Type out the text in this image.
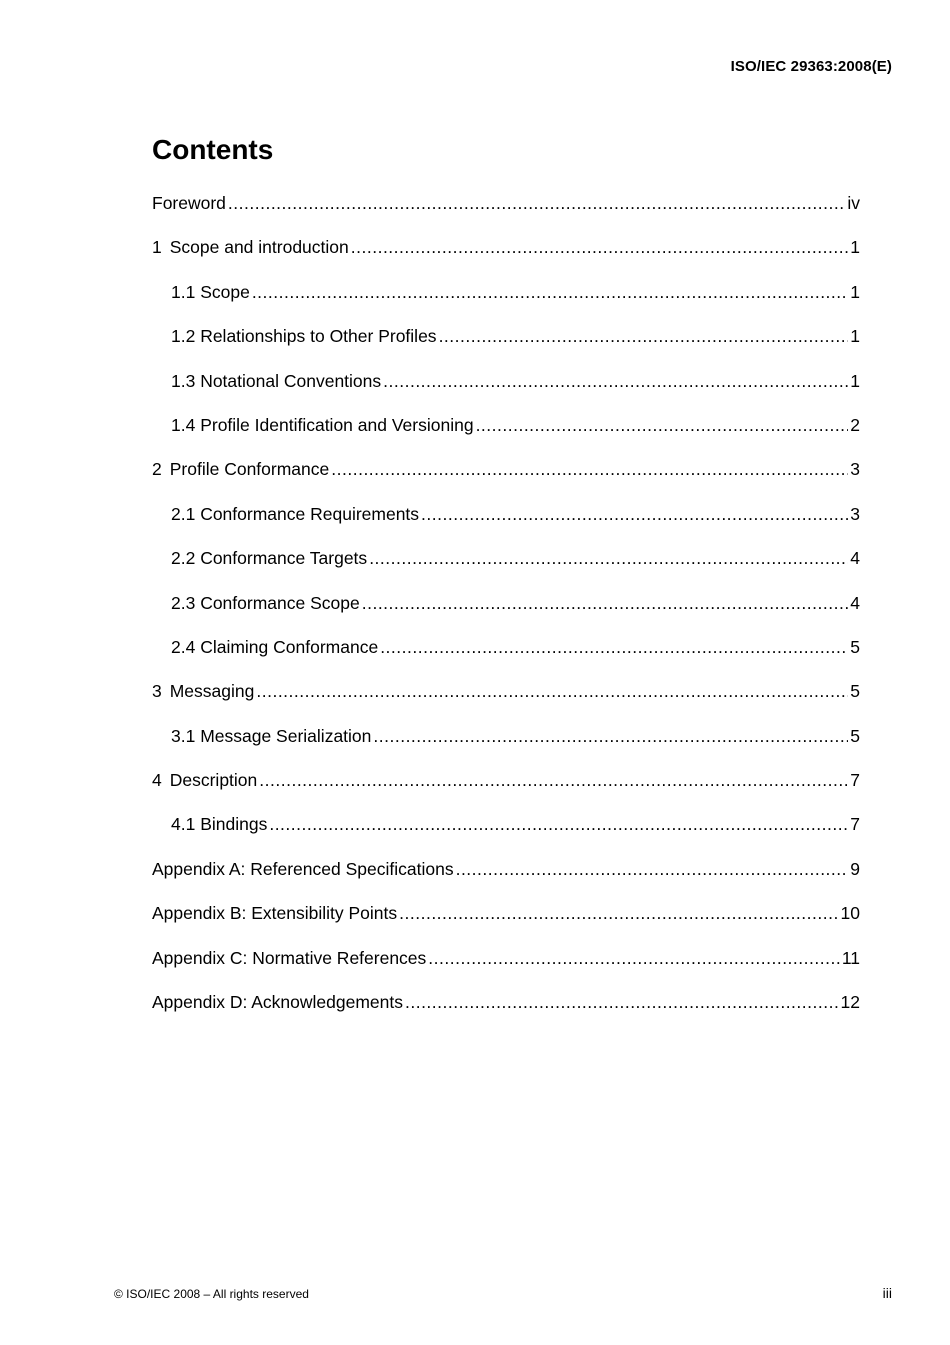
ISO/IEC 29363:2008(E)
Contents
Foreword .....	iv
1 Scope and introduction .....	1
1.1 Scope .....	1
1.2 Relationships to Other Profiles .....	1
1.3 Notational Conventions .....	1
1.4 Profile Identification and Versioning .....	2
2 Profile Conformance .....	3
2.1 Conformance Requirements .....	3
2.2 Conformance Targets .....	4
2.3 Conformance Scope .....	4
2.4 Claiming Conformance .....	5
3 Messaging .....	5
3.1 Message Serialization .....	5
4 Description .....	7
4.1 Bindings .....	7
Appendix A: Referenced Specifications .....	9
Appendix B: Extensibility Points .....	10
Appendix C: Normative References .....	11
Appendix D: Acknowledgements .....	12
© ISO/IEC 2008 – All rights reserved	iii
